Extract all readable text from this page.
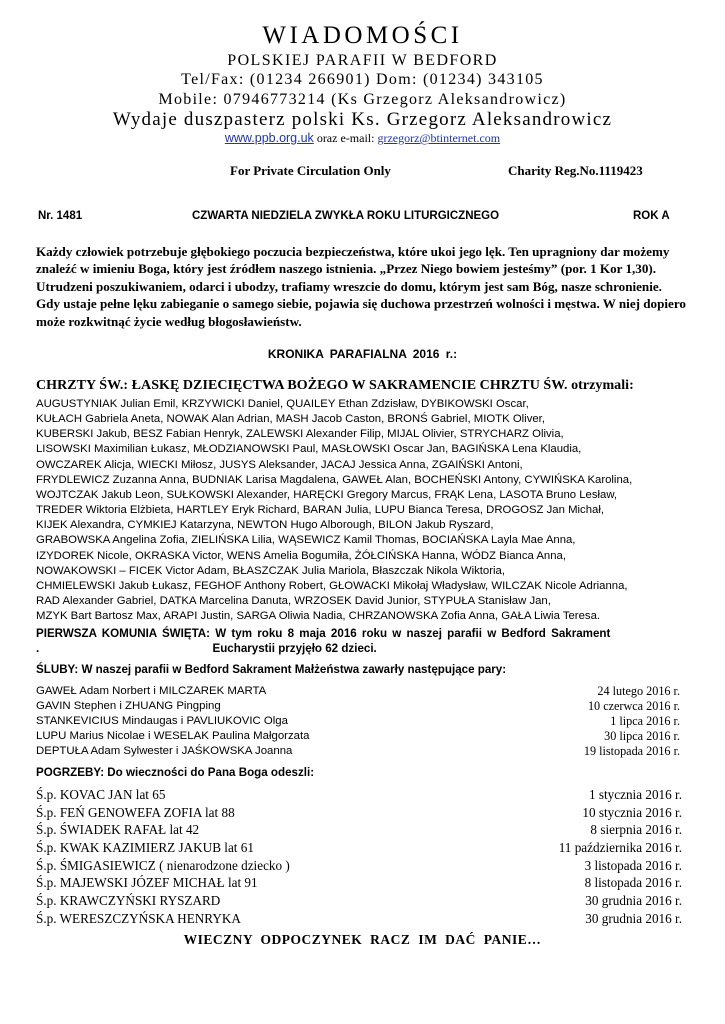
WIADOMOŚCI
POLSKIEJ PARAFII W BEDFORD
Tel/Fax: (01234 266901) Dom: (01234) 343105
Mobile: 07946773214 (Ks Grzegorz Aleksandrowicz)
Wydaje duszpasterz polski Ks. Grzegorz Aleksandrowicz
www.ppb.org.uk oraz e-mail: grzegorz@btinternet.com
For Private Circulation Only	Charity Reg.No.1119423
Nr. 1481	CZWARTA NIEDZIELA ZWYKŁA ROKU LITURGICZNEGO	ROK A
Każdy człowiek potrzebuje głębokiego poczucia bezpieczeństwa, które ukoi jego lęk. Ten upragniony dar możemy znaleźć w imieniu Boga, który jest źródłem naszego istnienia. „Przez Niego bowiem jesteśmy” (por. 1 Kor 1,30). Utrudzeni poszukiwaniem, odarci i ubodzy, trafiamy wreszcie do domu, którym jest sam Bóg, nasze schronienie. Gdy ustaje pełne lęku zabieganie o samego siebie, pojawia się duchowa przestrzeń wolności i męstwa. W niej dopiero może rozkwitnąć życie według błogosławieństw.
KRONIKA PARAFIALNA 2016 r.:
CHRZTY ŚW.: ŁASKĘ DZIECIĘCTWA BOŻEGO W SAKRAMENCIE CHRZTU ŚW. otrzymali:
AUGUSTYNIAK Julian Emil, KRZYWICKI Daniel, QUAILEY Ethan Zdzisław, DYBIKOWSKI Oscar,
KUŁACH Gabriela Aneta, NOWAK Alan Adrian, MASH Jacob Caston, BRONŚ Gabriel, MIOTK Oliver,
KUBERSKI Jakub, BESZ Fabian Henryk, ZALEWSKI Alexander Filip, MIJAL Olivier, STRYCHARZ Olivia,
LISOWSKI Maximilian Łukasz, MŁODZIANOWSKI Paul, MASŁOWSKI Oscar Jan, BAGIŃSKA Lena Klaudia,
OWCZAREK Alicja, WIECKI Miłosz, JUSYS Aleksander, JACAJ Jessica Anna, ZGAIŃSKI Antoni,
FRYDLEWICZ Zuzanna Anna, BUDNIAK Larisa Magdalena, GAWEŁ Alan, BOCHEŃSKI Antony, CYWIŃSKA Karolina,
WOJTCZAK Jakub Leon, SUŁKOWSKI Alexander, HARĘCKI Gregory Marcus, FRĄK Lena, LASOTA Bruno Lesław,
TREDER Wiktoria Elżbieta, HARTLEY Eryk Richard, BARAN Julia, LUPU Bianca Teresa, DROGOSZ Jan Michał,
KIJEK Alexandra, CYMKIEJ Katarzyna, NEWTON Hugo Alborough, BILON Jakub Ryszard,
GRABOWSKA Angelina Zofia, ZIELIŃSKA Lilia, WĄSEWICZ Kamil Thomas, BOCIAŃSKA Layla Mae Anna,
IZYDOREK Nicole, OKRASKA Victor, WENS Amelia Bogumiła, ŻÓŁCIŃSKA Hanna, WÓDZ Bianca Anna,
NOWAKOWSKI – FICEK Victor Adam, BŁASZCZAK Julia Mariola, Błaszczak Nikola Wiktoria,
CHMIELEWSKI Jakub Łukasz, FEGHOF Anthony Robert, GŁOWACKI Mikołaj Władysław, WILCZAK Nicole Adrianna,
RAD Alexander Gabriel, DATKA Marcelina Danuta, WRZOSEK David Junior, STYPUŁA Stanisław Jan,
MZYK Bart Bartosz Max, ARAPI Justin, SARGA Oliwia Nadia, CHRZANOWSKA Zofia Anna, GAŁA Liwia Teresa.
PIERWSZA KOMUNIA ŚWIĘTA: W tym roku 8 maja 2016 roku w naszej parafii w Bedford Sakrament
.	Eucharystii przyjęło 62 dzieci.
ŚLUBY: W naszej parafii w Bedford Sakrament Małżeństwa zawarły następujące pary:
GAWEŁ Adam Norbert i MILCZAREK MARTA	24 lutego 2016 r.
GAVIN Stephen i ZHUANG Pingping	10 czerwca 2016 r.
STANKEVICIUS Mindaugas i PAVLIUKOVIC Olga	1 lipca 2016 r.
LUPU Marius Nicolae i WESELAK Paulina Małgorzata	30 lipca 2016 r.
DEPTUŁA Adam Sylwester i JAŚKOWSKA Joanna	19 listopada 2016 r.
POGRZEBY: Do wieczności do Pana Boga odeszli:
Ś.p. KOVAC JAN lat 65	1 stycznia 2016 r.
Ś.p. FEŃ GENOWEFA ZOFIA lat 88	10 stycznia 2016 r.
Ś.p. ŚWIADEK RAFAŁ lat 42	8 sierpnia 2016 r.
Ś.p. KWAK KAZIMIERZ JAKUB lat 61	11 października 2016 r.
Ś.p. ŚMIGASIEWICZ ( nienarodzone dziecko )	3 listopada 2016 r.
Ś.p. MAJEWSKI JÓZEF MICHAŁ lat 91	8 listopada 2016 r.
Ś.p. KRAWCZYŃSKI RYSZARD	30 grudnia 2016 r.
Ś.p. WERESZCZYŃSKA HENRYKA	30 grudnia 2016 r.
WIECZNY ODPOCZYNEK RACZ IM DAĆ PANIE…
